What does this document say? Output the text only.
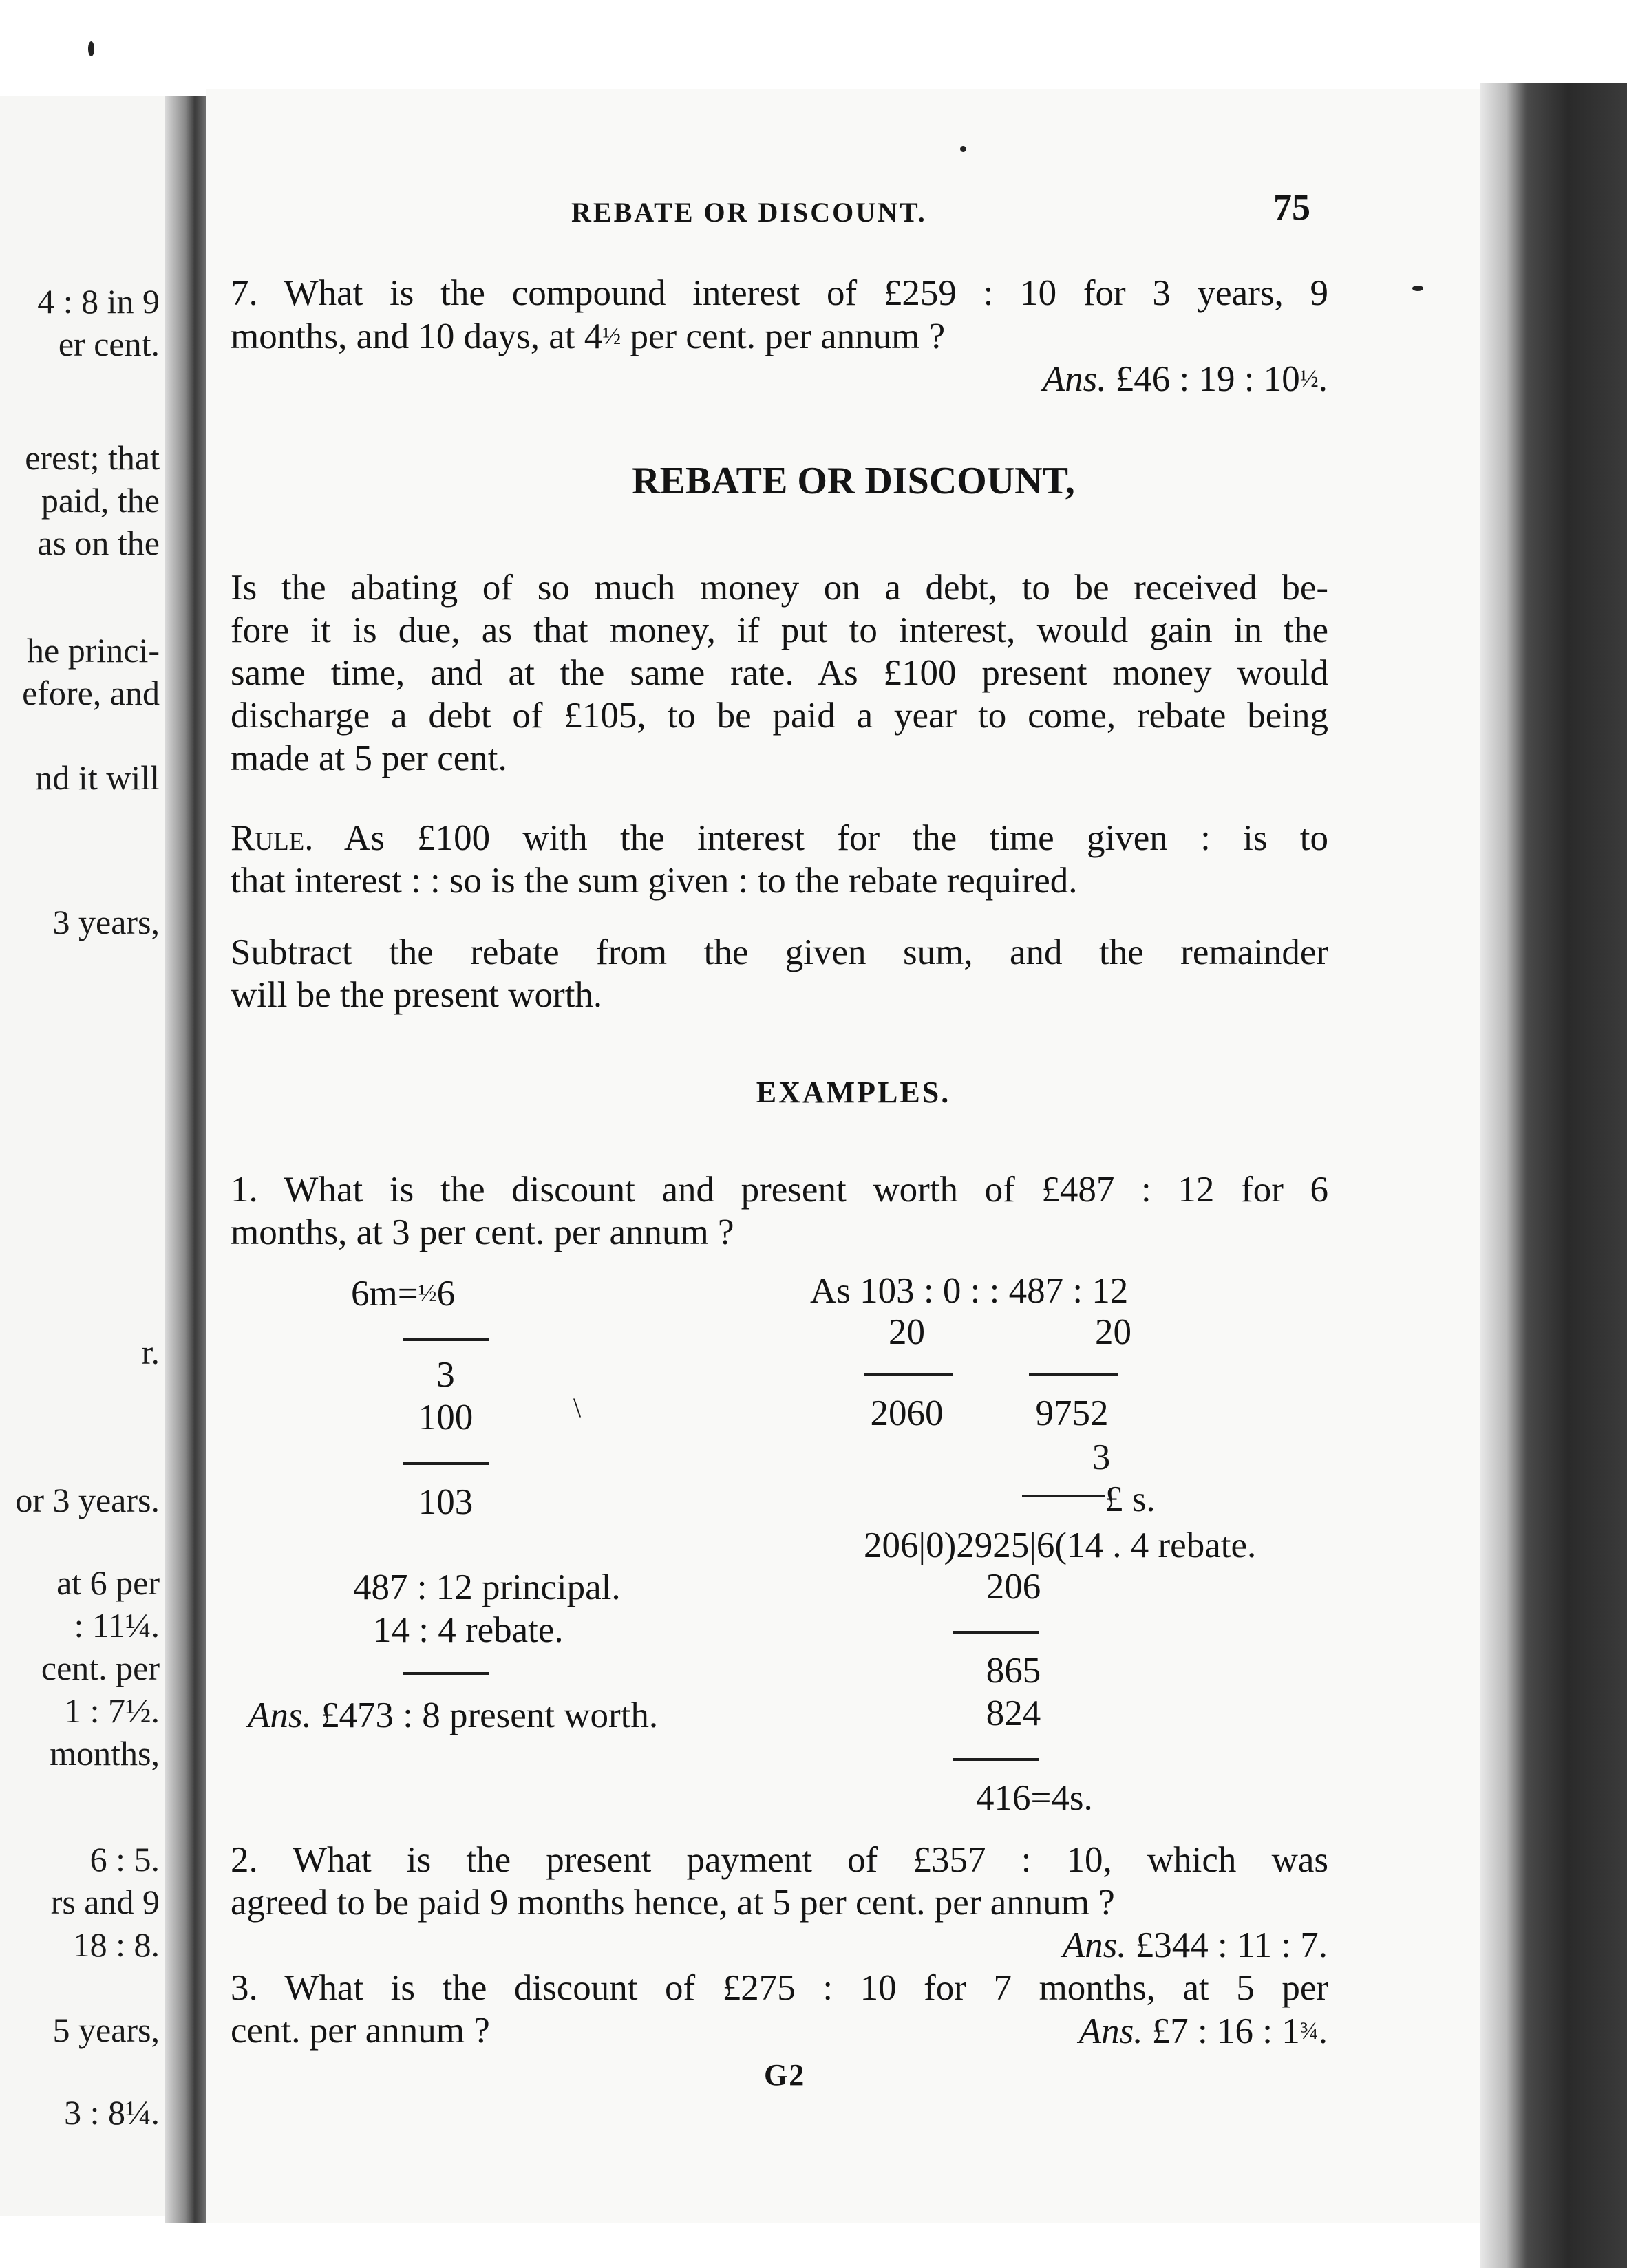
4 : 8 in 9
er cent.
erest; that
paid, the
as on the
he princi-
efore, and
nd it will
3 years,
r.
or 3 years.
at 6 per
: 11¼.
cent. per
1 : 7½.
months,
6 : 5.
rs and 9
18 : 8.
5 years,
3 : 8¼.
REBATE OR DISCOUNT.	75
7. What is the compound interest of £259 : 10 for 3 years, 9
months, and 10 days, at 4½ per cent. per annum ?
Ans. £46 : 19 : 10½.
REBATE OR DISCOUNT,
Is the abating of so much money on a debt, to be received be-
fore it is due, as that money, if put to interest, would gain in the
same time, and at the same rate. As £100 present money would
discharge a debt of £105, to be paid a year to come, rebate being
made at 5 per cent.
Rule. As £100 with the interest for the time given : is to
that interest : : so is the sum given : to the rebate required.
Subtract the rebate from the given sum, and the remainder
will be the present worth.
EXAMPLES.
1. What is the discount and present worth of £487 : 12 for 6
months, at 3 per cent. per annum ?
6m=½6
3
100
103
487 : 12 principal.
14 : 4 rebate.
Ans. £473 : 8 present worth.
\
As 103 : 0 : : 487 : 12
20	20
2060	9752
3
£ s.
206|0)2925|6(14 . 4 rebate.
206
865
824
416=4s.
2. What is the present payment of £357 : 10, which was
agreed to be paid 9 months hence, at 5 per cent. per annum ?
Ans. £344 : 11 : 7.
3. What is the discount of £275 : 10 for 7 months, at 5 per
cent. per annum ?	Ans. £7 : 16 : 1¾.
G2
